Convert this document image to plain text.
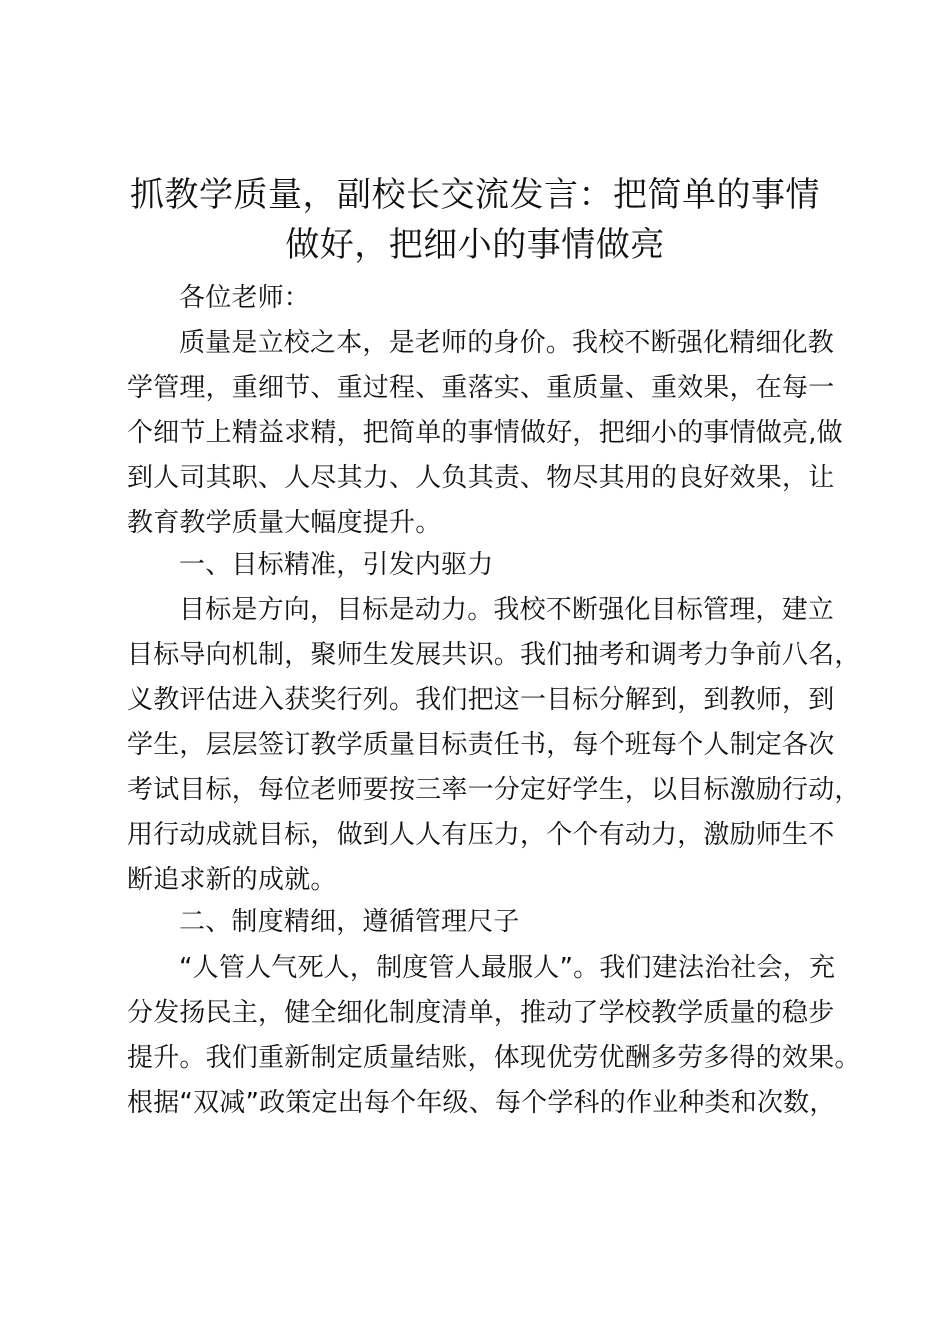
抓教学质量，副校长交流发言：把简单的事情
做好，把细小的事情做亮
各位老师：
质量是立校之本，是老师的身价。我校不断强化精细化教
学管理，重细节、重过程、重落实、重质量、重效果，在每一
个细节上精益求精，把简单的事情做好，把细小的事情做亮,做
到人司其职、人尽其力、人负其责、物尽其用的良好效果，让
教育教学质量大幅度提升。
一、目标精准，引发内驱力
目标是方向，目标是动力。我校不断强化目标管理，建立
目标导向机制，聚师生发展共识。我们抽考和调考力争前八名，
义教评估进入获奖行列。我们把这一目标分解到，到教师，到
学生，层层签订教学质量目标责任书，每个班每个人制定各次
考试目标，每位老师要按三率一分定好学生，以目标激励行动，
用行动成就目标，做到人人有压力，个个有动力，激励师生不
断追求新的成就。
二、制度精细，遵循管理尺子
“人管人气死人，制度管人最服人”。我们建法治社会，充
分发扬民主，健全细化制度清单，推动了学校教学质量的稳步
提升。我们重新制定质量结账，体现优劳优酬多劳多得的效果。
根据“双减”政策定出每个年级、每个学科的作业种类和次数，
